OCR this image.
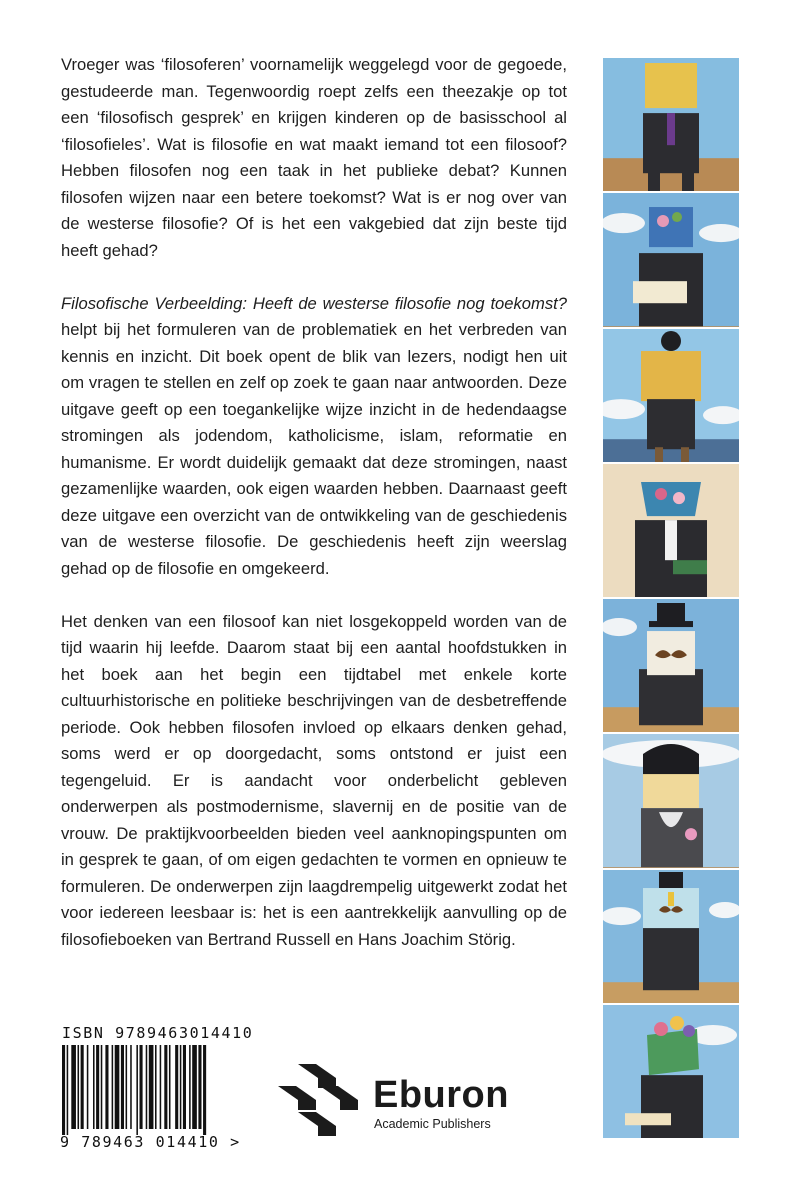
Vroeger was ‘filosoferen’ voornamelijk weggelegd voor de gegoede, gestudeerde man. Tegenwoordig roept zelfs een theezakje op tot een ‘filosofisch gesprek’ en krijgen kinderen op de basisschool al ‘filosofieles’. Wat is filosofie en wat maakt iemand tot een filosoof? Hebben filosofen nog een taak in het publieke debat? Kunnen filosofen wijzen naar een betere toekomst? Wat is er nog over van de westerse filosofie? Of is het een vakgebied dat zijn beste tijd heeft gehad?

Filosofische Verbeelding: Heeft de westerse filosofie nog toekomst? helpt bij het formuleren van de problematiek en het verbreden van kennis en inzicht. Dit boek opent de blik van lezers, nodigt hen uit om vragen te stellen en zelf op zoek te gaan naar antwoorden. Deze uitgave geeft op een toegankelijke wijze inzicht in de hedendaagse stromingen als jodendom, katholicisme, islam, reformatie en humanisme. Er wordt duidelijk gemaakt dat deze stromingen, naast gezamenlijke waarden, ook eigen waarden hebben. Daarnaast geeft deze uitgave een overzicht van de ontwikkeling van de geschiedenis van de westerse filosofie. De geschiedenis heeft zijn weerslag gehad op de filosofie en omgekeerd.

Het denken van een filosoof kan niet losgekoppeld worden van de tijd waarin hij leefde. Daarom staat bij een aantal hoofdstukken in het boek aan het begin een tijdtabel met enkele korte cultuurhistorische en politieke beschrijvingen van de desbetreffende periode. Ook hebben filosofen invloed op elkaars denken gehad, soms werd er op doorgedacht, soms ontstond er juist een tegengeluid. Er is aandacht voor onderbelicht gebleven onderwerpen als postmodernisme, slavernij en de positie van de vrouw. De praktijkvoorbeelden bieden veel aanknopingspunten om in gesprek te gaan, of om eigen gedachten te vormen en opnieuw te formuleren. De onderwerpen zijn laagdrempelig uitgewerkt zodat het voor iedereen leesbaar is: het is een aantrekkelijk aanvulling op de filosofieboeken van Bertrand Russell en Hans Joachim Störig.

ISBN 9789463014410
9 789463 014410 >
Eburon
Academic Publishers
